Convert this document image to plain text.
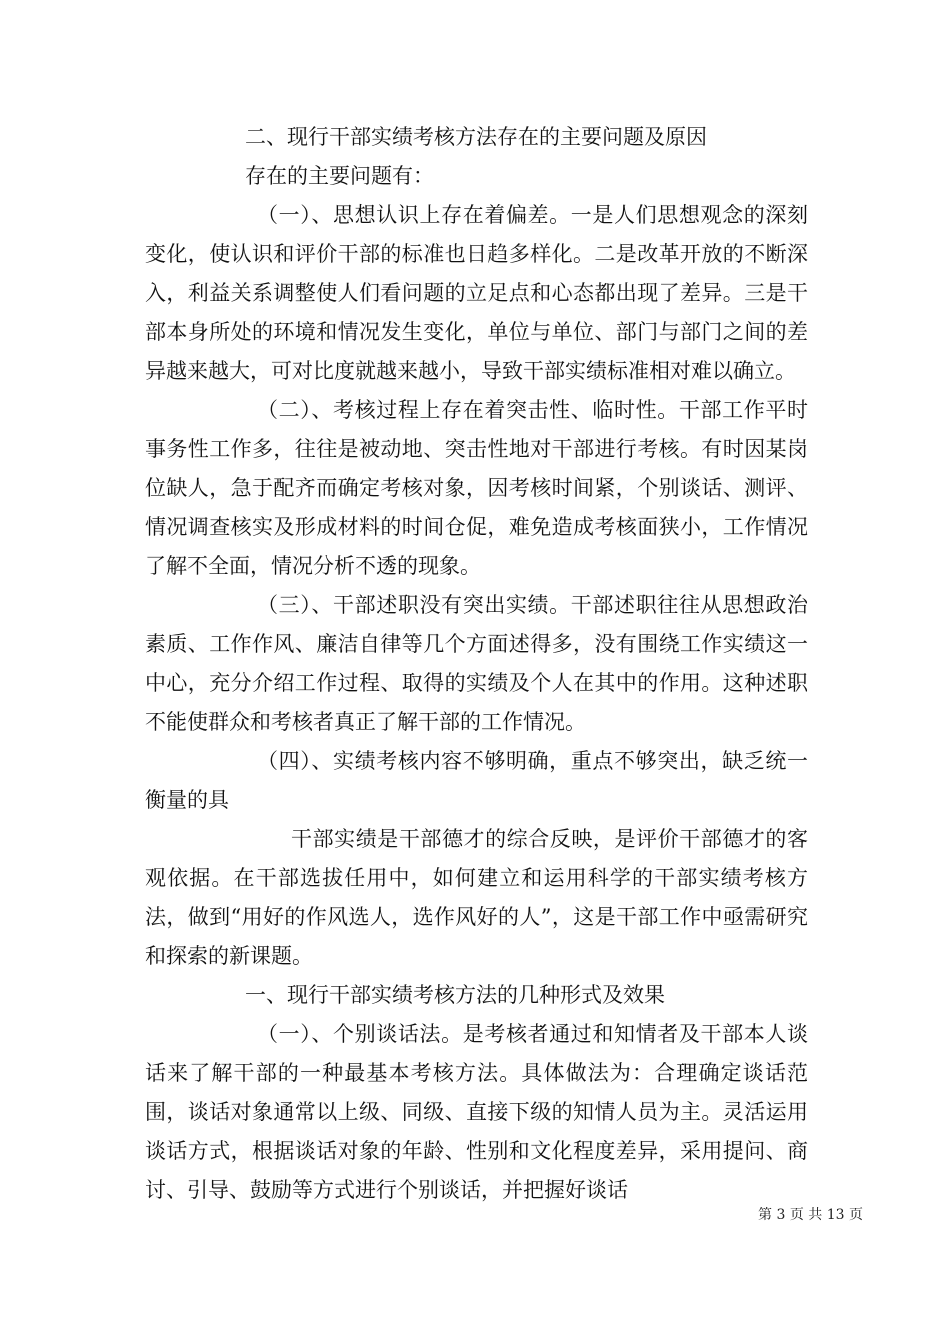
二、现行干部实绩考核方法存在的主要问题及原因

存在的主要问题有：

（一）、思想认识上存在着偏差。一是人们思想观念的深刻变化，使认识和评价干部的标准也日趋多样化。二是改革开放的不断深入，利益关系调整使人们看问题的立足点和心态都出现了差异。三是干部本身所处的环境和情况发生变化，单位与单位、部门与部门之间的差异越来越大，可对比度就越来越小，导致干部实绩标准相对难以确立。

（二）、考核过程上存在着突击性、临时性。干部工作平时事务性工作多，往往是被动地、突击性地对干部进行考核。有时因某岗位缺人，急于配齐而确定考核对象，因考核时间紧，个别谈话、测评、情况调查核实及形成材料的时间仓促，难免造成考核面狭小，工作情况了解不全面，情况分析不透的现象。

（三）、干部述职没有突出实绩。干部述职往往从思想政治素质、工作作风、廉洁自律等几个方面述得多，没有围绕工作实绩这一中心，充分介绍工作过程、取得的实绩及个人在其中的作用。这种述职不能使群众和考核者真正了解干部的工作情况。

（四）、实绩考核内容不够明确，重点不够突出，缺乏统一衡量的具

干部实绩是干部德才的综合反映，是评价干部德才的客观依据。在干部选拔任用中，如何建立和运用科学的干部实绩考核方法，做到“用好的作风选人，选作风好的人”，这是干部工作中亟需研究和探索的新课题。

一、现行干部实绩考核方法的几种形式及效果

（一）、个别谈话法。是考核者通过和知情者及干部本人谈话来了解干部的一种最基本考核方法。具体做法为：合理确定谈话范围，谈话对象通常以上级、同级、直接下级的知情人员为主。灵活运用谈话方式，根据谈话对象的年龄、性别和文化程度差异，采用提问、商讨、引导、鼓励等方式进行个别谈话，并把握好谈话

第 3 页 共 13 页
